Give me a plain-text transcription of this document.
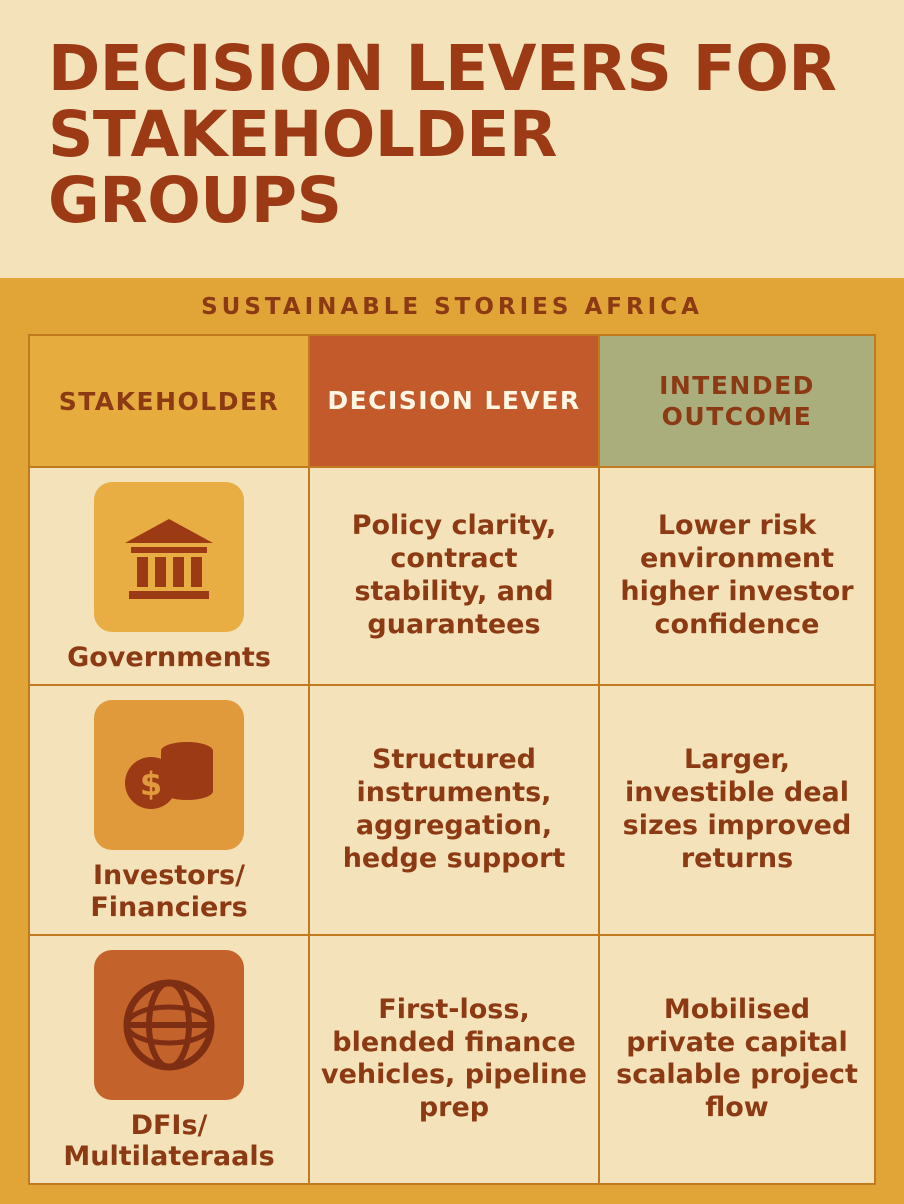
DECISION LEVERS FOR STAKEHOLDER GROUPS
SUSTAINABLE STORIES AFRICA
STAKEHOLDER	DECISION LEVER	INTENDED OUTCOME

Governments	Policy clarity, contract stability, and guarantees	Lower risk environment higher investor confidence

$
Investors/ Financiers	Structured instruments, aggregation, hedge support	Larger, investible deal sizes improved returns

DFIs/ Multilateraals	First-loss, blended finance vehicles, pipeline prep	Mobilised private capital scalable project flow
